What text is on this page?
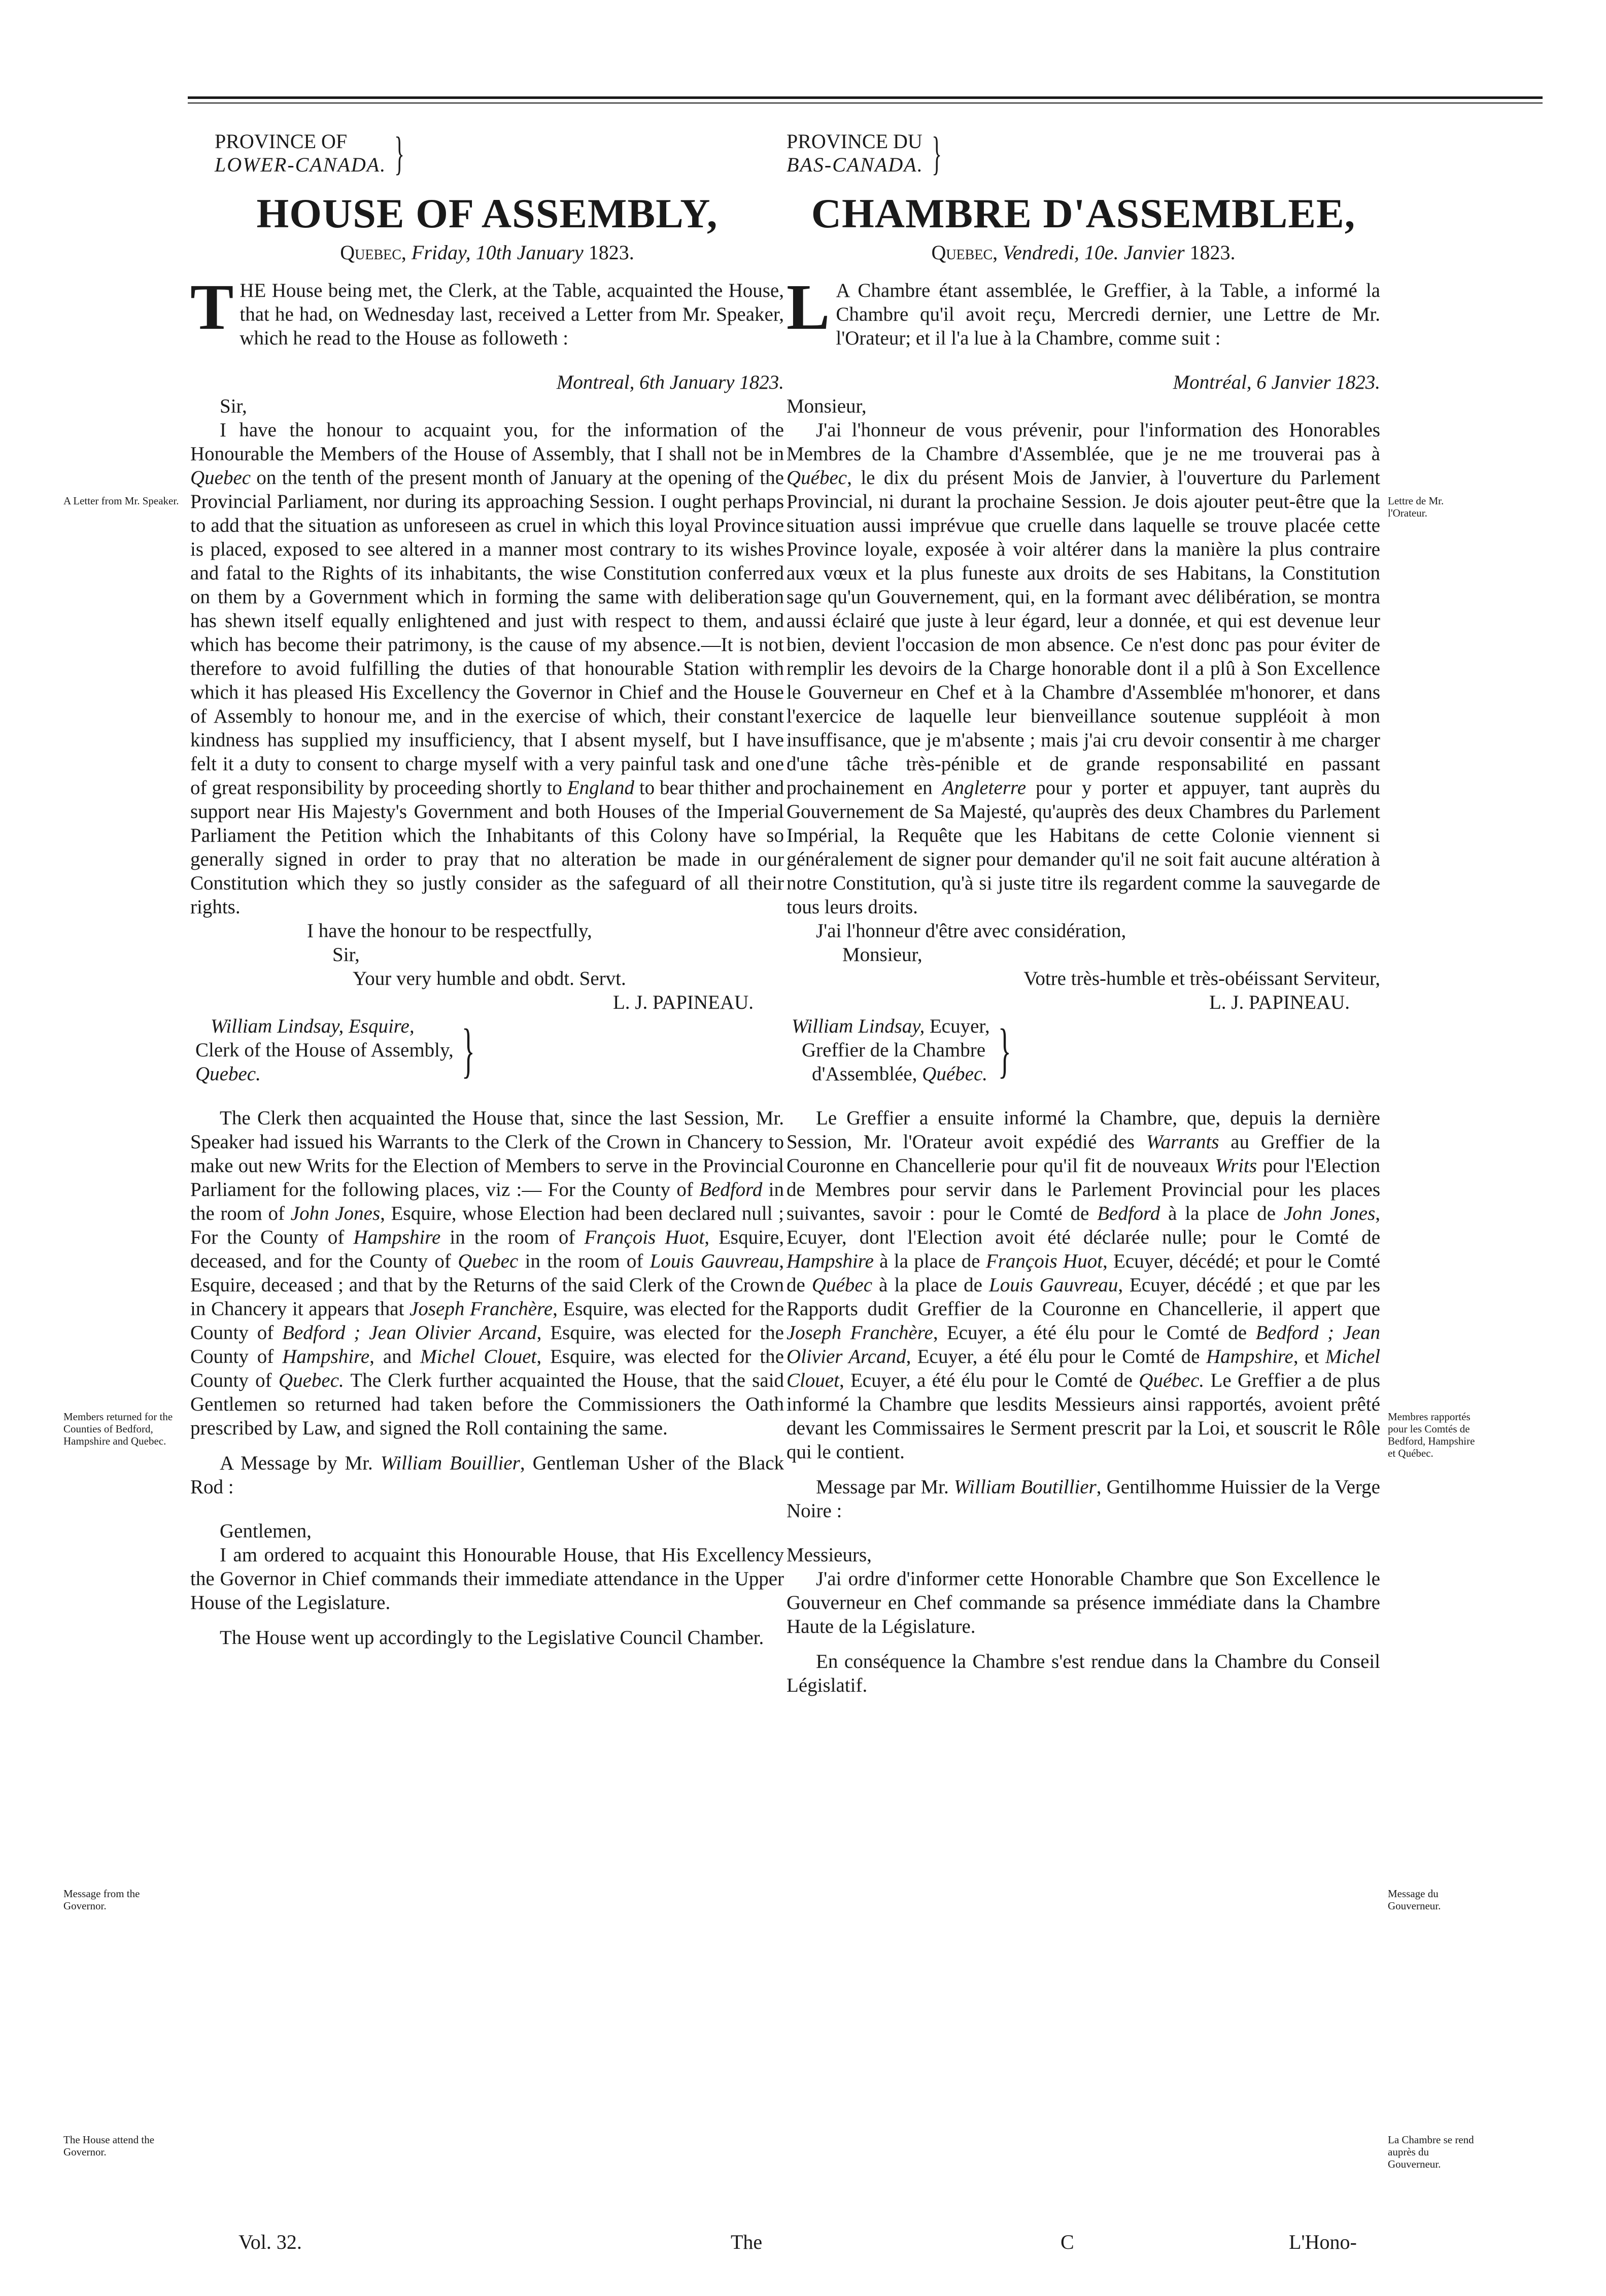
PROVINCE OF
LOWER-CANADA. }
HOUSE OF ASSEMBLY,
Quebec, Friday, 10th January 1823.

THE House being met, the Clerk, at the Table, acquainted the House, that he had, on Wednesday last, received a Letter from Mr. Speaker, which he read to the House as followeth :

Montreal, 6th January 1823.

Sir,

I have the honour to acquaint you, for the information of the Honourable the Members of the House of Assembly, that I shall not be in Quebec on the tenth of the present month of January at the opening of the Provincial Parliament, nor during its approaching Session. I ought perhaps to add that the situation as unforeseen as cruel in which this loyal Province is placed, exposed to see altered in a manner most contrary to its wishes and fatal to the Rights of its inhabitants, the wise Constitution conferred on them by a Government which in forming the same with deliberation has shewn itself equally enlightened and just with respect to them, and which has become their patrimony, is the cause of my absence.—It is not therefore to avoid fulfilling the duties of that honourable Station with which it has pleased His Excellency the Governor in Chief and the House of Assembly to honour me, and in the exercise of which, their constant kindness has supplied my insufficiency, that I absent myself, but I have felt it a duty to consent to charge myself with a very painful task and one of great responsibility by proceeding shortly to England to bear thither and support near His Majesty's Government and both Houses of the Imperial Parliament the Petition which the Inhabitants of this Colony have so generally signed in order to pray that no alteration be made in our Constitution which they so justly consider as the safeguard of all their rights.

I have the honour to be respectfully,

Sir,

Your very humble and obdt. Servt.

L. J. PAPINEAU.

William Lindsay, Esquire,
Clerk of the House of Assembly,
Quebec.	}

The Clerk then acquainted the House that, since the last Session, Mr. Speaker had issued his Warrants to the Clerk of the Crown in Chancery to make out new Writs for the Election of Members to serve in the Provincial Parliament for the following places, viz :— For the County of Bedford in the room of John Jones, Esquire, whose Election had been declared null ; For the County of Hampshire in the room of François Huot, Esquire, deceased, and for the County of Quebec in the room of Louis Gauvreau, Esquire, deceased ; and that by the Returns of the said Clerk of the Crown in Chancery it appears that Joseph Franchère, Esquire, was elected for the County of Bedford ; Jean Olivier Arcand, Esquire, was elected for the County of Hampshire, and Michel Clouet, Esquire, was elected for the County of Quebec. The Clerk further acquainted the House, that the said Gentlemen so returned had taken before the Commissioners the Oath prescribed by Law, and signed the Roll containing the same.

A Message by Mr. William Bouillier, Gentleman Usher of the Black Rod :

Gentlemen,

I am ordered to acquaint this Honourable House, that His Excellency the Governor in Chief commands their immediate attendance in the Upper House of the Legislature.

The House went up accordingly to the Legislative Council Chamber.

PROVINCE DU
BAS-CANADA. }
CHAMBRE D'ASSEMBLEE,
Quebec, Vendredi, 10e. Janvier 1823.

L A Chambre étant assemblée, le Greffier, à la Table, a informé la Chambre qu'il avoit reçu, Mercredi dernier, une Lettre de Mr. l'Orateur; et il l'a lue à la Chambre, comme suit :

Montréal, 6 Janvier 1823.

Monsieur,

J'ai l'honneur de vous prévenir, pour l'information des Honorables Membres de la Chambre d'Assemblée, que je ne me trouverai pas à Québec, le dix du présent Mois de Janvier, à l'ouverture du Parlement Provincial, ni durant la prochaine Session. Je dois ajouter peut-être que la situation aussi imprévue que cruelle dans laquelle se trouve placée cette Province loyale, exposée à voir altérer dans la manière la plus contraire aux vœux et la plus funeste aux droits de ses Habitans, la Constitution sage qu'un Gouvernement, qui, en la formant avec délibération, se montra aussi éclairé que juste à leur égard, leur a donnée, et qui est devenue leur bien, devient l'occasion de mon absence. Ce n'est donc pas pour éviter de remplir les devoirs de la Charge honorable dont il a plû à Son Excellence le Gouverneur en Chef et à la Chambre d'Assemblée m'honorer, et dans l'exercice de laquelle leur bienveillance soutenue suppléoit à mon insuffisance, que je m'absente ; mais j'ai cru devoir consentir à me charger d'une tâche très-pénible et de grande responsabilité en passant prochainement en Angleterre pour y porter et appuyer, tant auprès du Gouvernement de Sa Majesté, qu'auprès des deux Chambres du Parlement Impérial, la Requête que les Habitans de cette Colonie viennent si généralement de signer pour demander qu'il ne soit fait aucune altération à notre Constitution, qu'à si juste titre ils regardent comme la sauvegarde de tous leurs droits.

J'ai l'honneur d'être avec considération,

Monsieur,

Votre très-humble et très-obéissant Serviteur,

L. J. PAPINEAU.

William Lindsay, Ecuyer,
Greffier de la Chambre
d'Assemblée, Québec. }

Le Greffier a ensuite informé la Chambre, que, depuis la dernière Session, Mr. l'Orateur avoit expédié des Warrants au Greffier de la Couronne en Chancellerie pour qu'il fit de nouveaux Writs pour l'Election de Membres pour servir dans le Parlement Provincial pour les places suivantes, savoir : pour le Comté de Bedford à la place de John Jones, Ecuyer, dont l'Election avoit été déclarée nulle; pour le Comté de Hampshire à la place de François Huot, Ecuyer, décédé; et pour le Comté de Québec à la place de Louis Gauvreau, Ecuyer, décédé ; et que par les Rapports dudit Greffier de la Couronne en Chancellerie, il appert que Joseph Franchère, Ecuyer, a été élu pour le Comté de Bedford ; Jean Olivier Arcand, Ecuyer, a été élu pour le Comté de Hampshire, et Michel Clouet, Ecuyer, a été élu pour le Comté de Québec. Le Greffier a de plus informé la Chambre que lesdits Messieurs ainsi rapportés, avoient prêté devant les Commissaires le Serment prescrit par la Loi, et souscrit le Rôle qui le contient.

Message par Mr. William Boutillier, Gentilhomme Huissier de la Verge Noire :

Messieurs,

J'ai ordre d'informer cette Honorable Chambre que Son Excellence le Gouverneur en Chef commande sa présence immédiate dans la Chambre Haute de la Législature.

En conséquence la Chambre s'est rendue dans la Chambre du Conseil Législatif.

A Letter from Mr. Speaker.
Members returned for the Counties of Bedford, Hampshire and Quebec.
Message from the Governor.
The House attend the Governor.
Lettre de Mr. l'Orateur.
Membres rapportés pour les Comtés de Bedford, Hampshire et Québec.
Message du Gouverneur.
La Chambre se rend auprès du Gouverneur.
Vol. 32.	The	C	L'Hono-
